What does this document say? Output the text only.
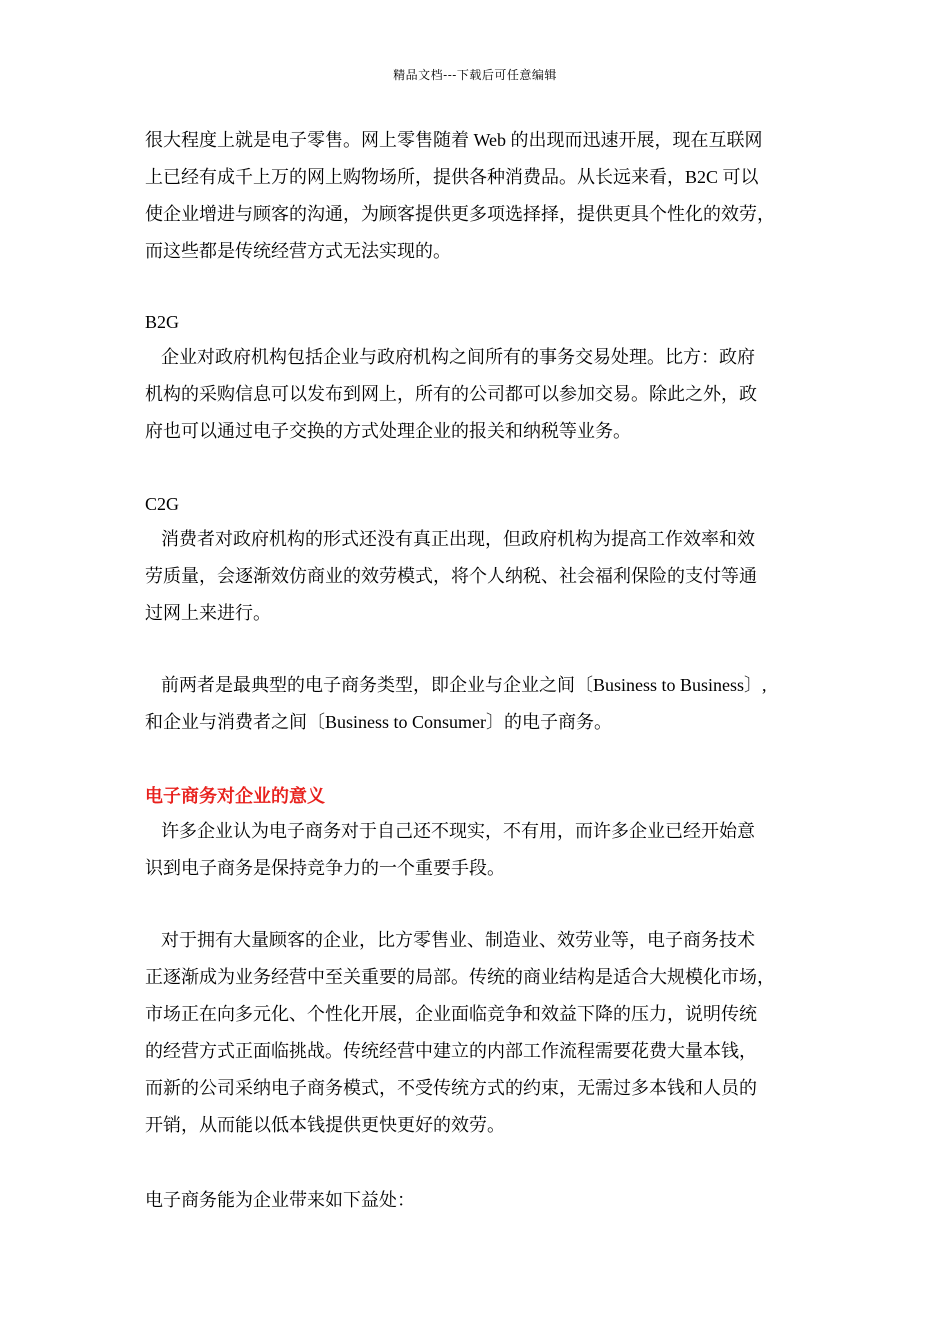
精品文档---下载后可任意编辑
很大程度上就是电子零售。网上零售随着 Web 的出现而迅速开展，现在互联网
上已经有成千上万的网上购物场所，提供各种消费品。从长远来看，B2C 可以
使企业增进与顾客的沟通，为顾客提供更多项选择择，提供更具个性化的效劳，
而这些都是传统经营方式无法实现的。
B2G
企业对政府机构包括企业与政府机构之间所有的事务交易处理。比方：政府
机构的采购信息可以发布到网上，所有的公司都可以参加交易。除此之外，政
府也可以通过电子交换的方式处理企业的报关和纳税等业务。
C2G
消费者对政府机构的形式还没有真正出现，但政府机构为提高工作效率和效
劳质量，会逐渐效仿商业的效劳模式，将个人纳税、社会福利保险的支付等通
过网上来进行。
前两者是最典型的电子商务类型，即企业与企业之间〔Business to Business〕,
和企业与消费者之间〔Business to Consumer〕的电子商务。
电子商务对企业的意义
许多企业认为电子商务对于自己还不现实，不有用，而许多企业已经开始意
识到电子商务是保持竞争力的一个重要手段。
对于拥有大量顾客的企业，比方零售业、制造业、效劳业等，电子商务技术
正逐渐成为业务经营中至关重要的局部。传统的商业结构是适合大规模化市场，
市场正在向多元化、个性化开展，企业面临竞争和效益下降的压力，说明传统
的经营方式正面临挑战。传统经营中建立的内部工作流程需要花费大量本钱，
而新的公司采纳电子商务模式，不受传统方式的约束，无需过多本钱和人员的
开销，从而能以低本钱提供更快更好的效劳。
电子商务能为企业带来如下益处：
